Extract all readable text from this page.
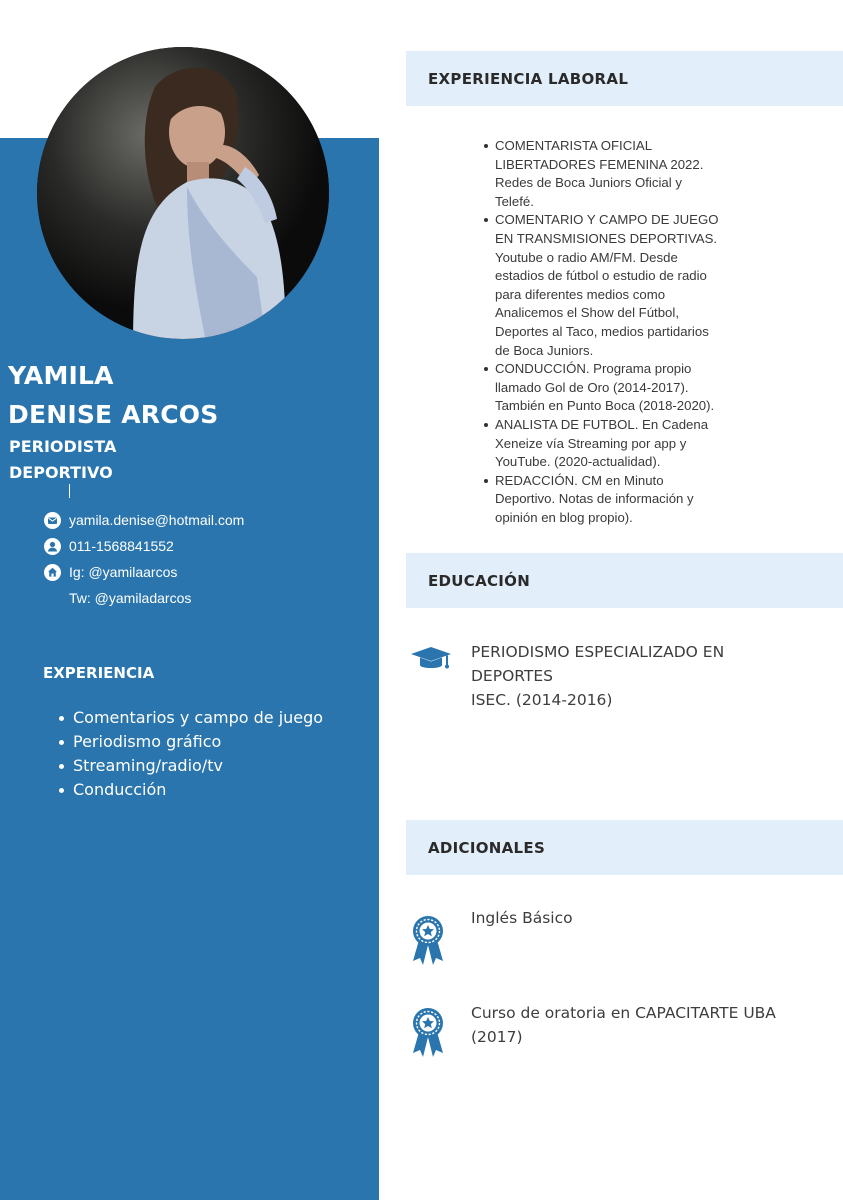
YAMILA
DENISE ARCOS
PERIODISTA
DEPORTIVO
yamila.denise@hotmail.com
011-1568841552
Ig: @yamilaarcos
Tw: @yamiladarcos
EXPERIENCIA
Comentarios y campo de juego
Periodismo gráfico
Streaming/radio/tv
Conducción
EXPERIENCIA LABORAL
COMENTARISTA OFICIAL LIBERTADORES FEMENINA 2022. Redes de Boca Juniors Oficial y Telefé.
COMENTARIO Y CAMPO DE JUEGO EN TRANSMISIONES DEPORTIVAS. Youtube o radio AM/FM. Desde estadios de fútbol o estudio de radio para diferentes medios como Analicemos el Show del Fútbol, Deportes al Taco, medios partidarios de Boca Juniors.
CONDUCCIÓN. Programa propio llamado Gol de Oro (2014-2017). También en Punto Boca (2018-2020).
ANALISTA DE FUTBOL. En Cadena Xeneize vía Streaming por app y YouTube. (2020-actualidad).
REDACCIÓN. CM en Minuto Deportivo. Notas de información y opinión en blog propio).
EDUCACIÓN

PERIODISMO ESPECIALIZADO EN
DEPORTES
ISEC. (2014-2016)

ADICIONALES

Inglés Básico

Curso de oratoria en CAPACITARTE UBA (2017)
